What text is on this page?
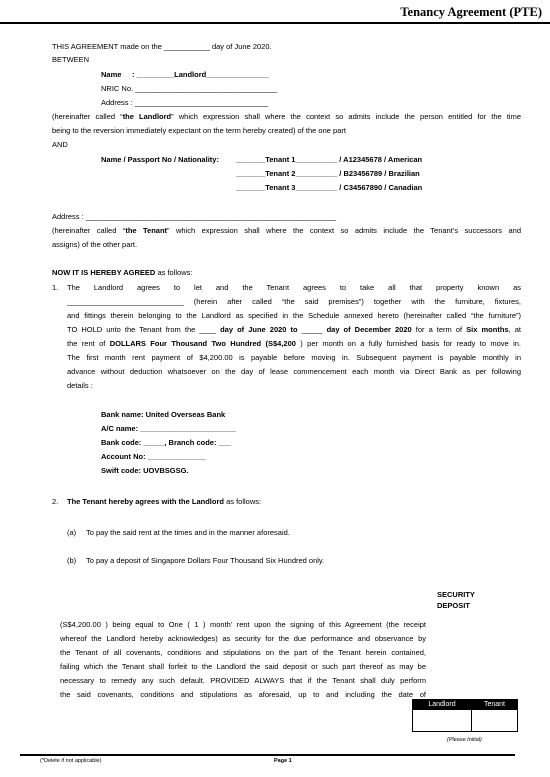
Tenancy Agreement (PTE)
THIS AGREEMENT made on the ___________ day of June 2020.
BETWEEN
Name : _________Landlord_______________
NRIC No. __________________________________
Address : ________________________________
(hereinafter called “the Landlord” which expression shall where the context so admits include the person entitled for the time
being to the reversion immediately expectant on the term hereby created) of the one part
AND
Name / Passport No / Nationality: _______Tenant 1__________ / A12345678 / American
_______Tenant 2__________ / B23456789 / Brazilian
_______Tenant 3__________ / C34567890 / Canadian
Address : ____________________________________________________________
(hereinafter called “the Tenant” which expression shall where the context so admits include the Tenant’s successors and
assigns) of the other part.
NOW IT IS HEREBY AGREED as follows:
1. The Landlord agrees to let and the Tenant agrees to take all that property known as
____________________________ (herein after called “the said premises”) together with the furniture, fixtures,
and fittings therein belonging to the Landlord as specified in the Schedule annexed hereto (hereinafter called “the furniture”)
TO HOLD unto the Tenant from the ____ day of June 2020 to _____ day of December 2020 for a term of Six months, at
the rent of DOLLARS Four Thousand Two Hundred (S$4,200 ) per month on a fully furnished basis for ready to move in.
The first month rent payment of $4,200.00 is payable before moving in. Subsequent payment is payable monthly in
advance without deduction whatsoever on the day of lease commencement each month via Direct Bank as per following
details :
Bank name: United Overseas Bank
A/C name: _______________________
Bank code: _____, Branch code: ___
Account No: ______________
Swift code: UOVBSGSG.
2. The Tenant hereby agrees with the Landlord as follows:
(a) To pay the said rent at the times and in the manner aforesaid.
(b) To pay a deposit of Singapore Dollars Four Thousand Six Hundred only.
SECURITY
DEPOSIT
(S$4,200.00 ) being equal to One ( 1 ) month’ rent upon the signing of this Agreement (the receipt
whereof the Landlord hereby acknowledges) as security for the due performance and observance by
the Tenant of all covenants, conditions and stipulations on the part of the Tenant herein contained,
failing which the Tenant shall forfeit to the Landlord the said deposit or such part thereof as may be
necessary to remedy any such default. PROVIDED ALWAYS that if the Tenant shall duly perform
the said covenants, conditions and stipulations as aforesaid, up to and including the date of
Landlord	Tenant

(Please Initial)
(*Delete if not applicable)	Page 1
